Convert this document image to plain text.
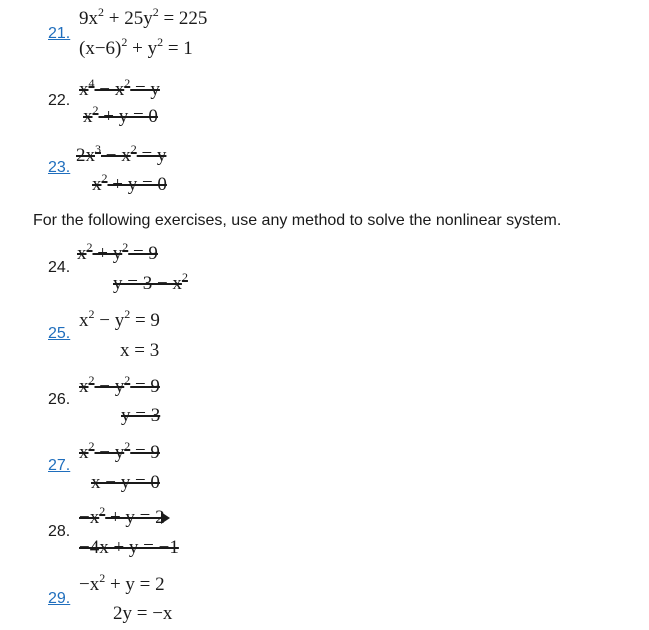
21.
$9x^2 + 25y^2 = 225$
$(x-6)^2 + y^2 = 1$
22.
$x^4 - x^2 = y$
$x^2 + y = 0$
23.
$2x^3 - x^2 = y$
$x^2 + y = 0$
For the following exercises, use any method to solve the nonlinear system.
24.
$x^2 + y^2 = 9$
$y = 3 - x^2$
25.
$x^2 - y^2 = 9$
x = 3
26.
$x^2 - y^2 = 9$
y = 3
27.
$x^2 - y^2 = 9$
x − y = 0
28.
$-x^2 + y = 2$
−4x + y = −1
29.
$-x^2 + y = 2$
2y = −x
